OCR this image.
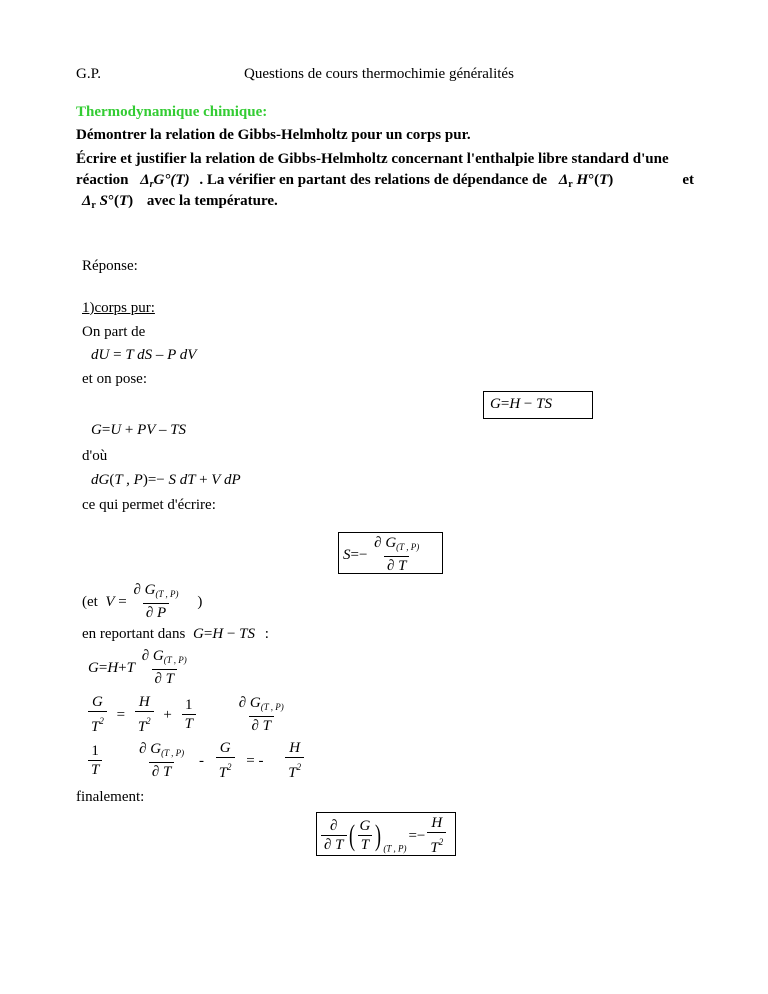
G.P.	Questions de cours thermochimie généralités
Thermodynamique chimique:
Démontrer la relation de Gibbs-Helmholtz pour un corps pur.
Écrire et justifier la relation de Gibbs-Helmholtz concernant l'enthalpie libre standard d'une
réaction $\Delta_rG^\circ(T)$ . La vérifier en partant des relations de dépendance de $\Delta_r$ H°(T)	et
$\Delta_r$ S°(T) avec la température.
Réponse:
1)corps pur:
On part de
dU = T dS – P dV
et on pose:
G=H − TS
G=U + PV – TS
d'où
dG(T , P)=− S dT + V dP
ce qui permet d'écrire:
$S=- \frac{\partial G_{(T , P)}}{\partial T}$
(et  $V = \frac{\partial G_{(T , P)}}{\partial P}$ )
en reportant dans G=H − TS :
$G=H+T \frac{\partial G_{(T , P)}}{\partial T}$
$\frac{G}{T^2} = \frac{H}{T^2} + \frac{1}{T}$
	$\frac{\partial G_{(T , P)}}{\partial T}$
$\frac{1}{T}$
$\frac{\partial G_{(T , P)}}{\partial T} - \frac{G}{T^2}$ = - $\frac{H}{T^2}$
finalement:
$\frac{\partial}{\partial T}$ ( $\frac{G}{T}$ ) $_{(T , P)}=- \frac{H}{T^2}$
